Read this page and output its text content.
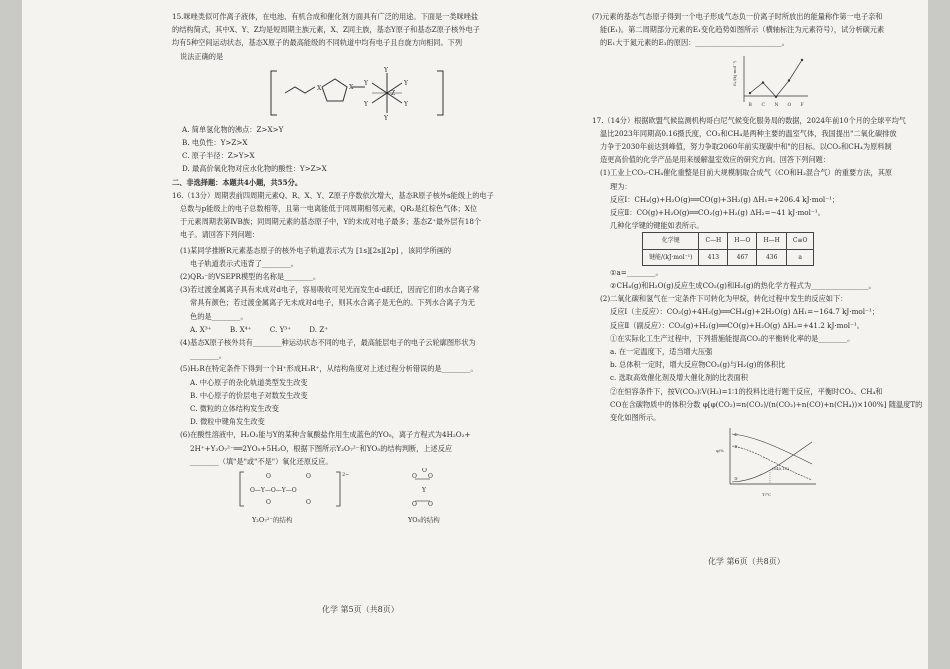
15.咪唑类似可作离子液体，在电池、有机合成和催化剂方面具有广泛的用途。下面是一类咪唑盐
的结构简式，其中X、Y、Z均是短周期主族元素，X、Z同主族，基态Y原子和基态Z原子核外电子
均有5种空间运动状态，基态X原子的最高能级的不同轨道中均有电子且自旋方向相同。下列
说法正确的是
X	X
Y
Y
Y	Y
Y	Y
Z
A. 简单氢化物的沸点：Z>X>Y
B. 电负性：Y>Z>X
C. 原子半径：Z>Y>X
D. 最高价氧化物对应水化物的酸性：Y>Z>X
二、非选择题：本题共4小题，共55分。
16.（13分）周期表前四周期元素Q、R、X、Y、Z原子序数依次增大，基态R原子核外s能级上的电子
总数与p能级上的电子总数相等，且第一电离能低于同周期相邻元素，QR₂是红棕色气体；X位
于元素周期表第ⅣB族；同周期元素的基态原子中，Y的未成对电子最多；基态Z⁺最外层有18个
电子。请回答下列问题：
(1)某同学推断R元素基态原子的核外电子轨道表示式为 [1s][2s][2p] ，该同学所画的
电子轨道表示式违背了________。
(2)QR₃⁻的VSEPR模型的名称是________。
(3)若过渡金属离子具有未成对d电子，容易吸收可见光而发生d-d跃迁，因而它们的水合离子常
常具有颜色；若过渡金属离子无未成对d电子，则其水合离子是无色的。下列水合离子为无
色的是________。
A. X³⁺        B. X⁴⁺        C. Y³⁺        D. Z⁺
(4)基态X原子核外共有________种运动状态不同的电子，最高能层电子的电子云轮廓图形状为
________。
(5)H₂R在特定条件下得到一个H⁺形成H₃R⁺，从结构角度对上述过程分析错误的是________。
A. 中心原子的杂化轨道类型发生改变
B. 中心原子的价层电子对数发生改变
C. 微粒的立体结构发生改变
D. 微粒中键角发生改变
(6)在酸性溶液中，H₂O₂能与Y的某种含氧酸盐作用生成蓝色的YO₅，离子方程式为4H₂O₂+
2H⁺+Y₂O₇²⁻══2YO₅+5H₂O，根据下图所示Y₂O₇²⁻和YO₅的结构判断，上述反应
________（填"是"或"不是"）氧化还原反应。
O—Y—O—Y—O
O	O
O	O
2−
Y
O O
O O
O
Y₂O₇²⁻的结构	YO₅的结构
化学 第5页（共8页）
(7)元素的基态气态原子得到一个电子形成气态负一价离子时所放出的能量称作第一电子亲和
能(E₁)。第二周期部分元素的E₁变化趋势如图所示（横轴标注为元素符号），试分析碳元素
的E₁大于氮元素的E₁的原因：________________________。
E₁/(kJ·mol⁻¹)
B C N O F
17.（14分）根据欧盟气候监测机构哥白尼气候变化服务局的数据，2024年前10个月的全球平均气
温比2023年同期高0.16摄氏度，CO₂和CH₄是两种主要的温室气体，我国提出"二氧化碳排放
力争于2030年前达到峰值，努力争取2060年前实现碳中和"的目标。以CO₂和CH₄为原料制
造更高价值的化学产品是用来缓解温室效应的研究方向。回答下列问题：
(1)工业上CO₂-CH₄催化重整是目前大规模制取合成气（CO和H₂混合气）的重要方法，其原
理为：
反应Ⅰ：CH₄(g)+H₂O(g)══CO(g)+3H₂(g) ΔH₁=+206.4 kJ·mol⁻¹；
反应Ⅱ：CO(g)+H₂O(g)══CO₂(g)+H₂(g) ΔH₂=−41 kJ·mol⁻¹。
几种化学键的键能如表所示。
化学键	C—H	H—O	H—H	C≡O
键能/(kJ·mol⁻¹)	413	467	436	a
①a=________。
②CH₄(g)和H₂O(g)反应生成CO₂(g)和H₂(g)的热化学方程式为________________。
(2)二氧化碳和氢气在一定条件下可转化为甲烷，转化过程中发生的反应如下：
反应Ⅰ（主反应）：CO₂(g)+4H₂(g)══CH₄(g)+2H₂O(g) ΔH₁=−164.7 kJ·mol⁻¹；
反应Ⅱ（副反应）：CO₂(g)+H₂(g)══CO(g)+H₂O(g) ΔH₂=+41.2 kJ·mol⁻¹。
①在实际化工生产过程中，下列措施能提高CO₂的平衡转化率的是________。
a. 在一定温度下，适当增大压强
b. 总体积一定时，增大反应物CO₂(g)与H₂(g)的体积比
c. 选取高效催化剂及增大催化剂的比表面积
②在恒容条件下，按V(CO₂)∶V(H₂)=1∶1的投料比进行题干反应，平衡时CO₂、CH₄和
CO在含碳物质中的体积分数 φ[φ(CO₂)=n(CO₂)/(n(CO₂)+n(CO)+n(CH₄))×100%] 随温度T的
变化如图所示。
φ/%
T/°C
(540,15)
①
②
③
化学 第6页（共8页）
